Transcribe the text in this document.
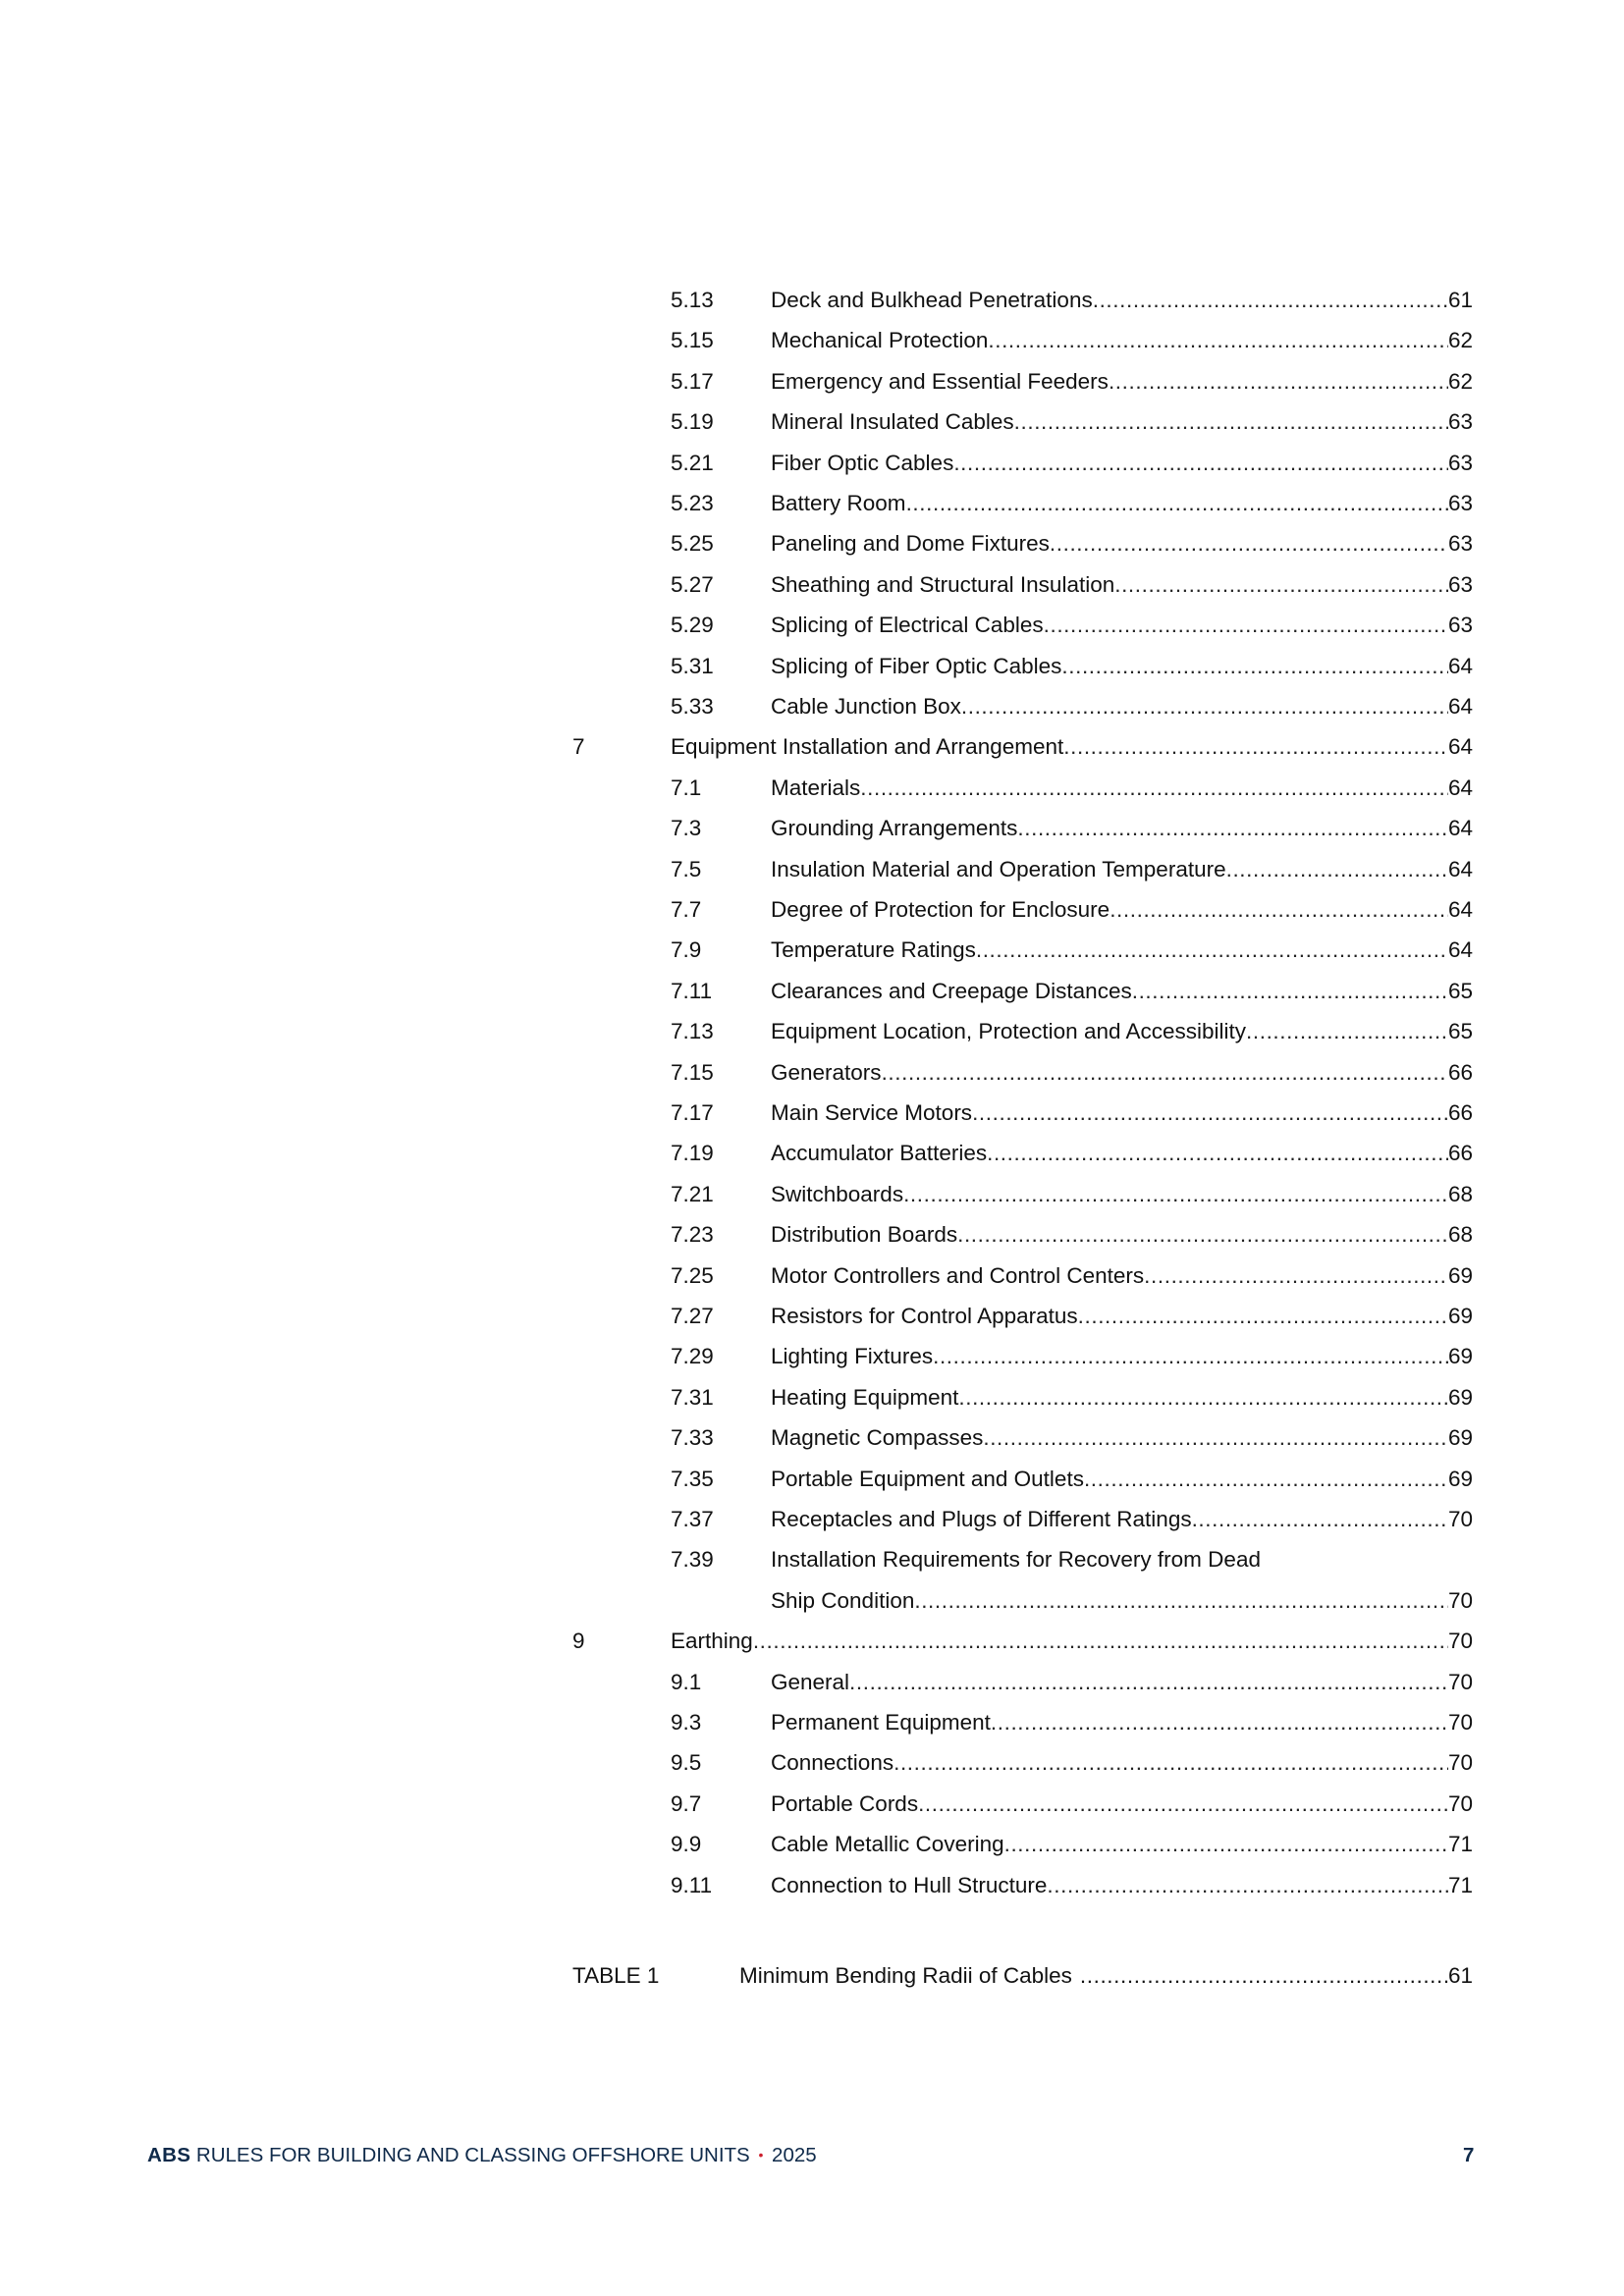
5.13	Deck and Bulkhead Penetrations .....	61
5.15	Mechanical Protection .....	62
5.17	Emergency and Essential Feeders .....	62
5.19	Mineral Insulated Cables .....	63
5.21	Fiber Optic Cables .....	63
5.23	Battery Room .....	63
5.25	Paneling and Dome Fixtures .....	63
5.27	Sheathing and Structural Insulation .....	63
5.29	Splicing of Electrical Cables .....	63
5.31	Splicing of Fiber Optic Cables .....	64
5.33	Cable Junction Box .....	64
7	Equipment Installation and Arrangement .....	64
7.1	Materials .....	64
7.3	Grounding Arrangements .....	64
7.5	Insulation Material and Operation Temperature .....	64
7.7	Degree of Protection for Enclosure .....	64
7.9	Temperature Ratings .....	64
7.11	Clearances and Creepage Distances .....	65
7.13	Equipment Location, Protection and Accessibility .....	65
7.15	Generators .....	66
7.17	Main Service Motors .....	66
7.19	Accumulator Batteries .....	66
7.21	Switchboards .....	68
7.23	Distribution Boards .....	68
7.25	Motor Controllers and Control Centers .....	69
7.27	Resistors for Control Apparatus .....	69
7.29	Lighting Fixtures .....	69
7.31	Heating Equipment .....	69
7.33	Magnetic Compasses .....	69
7.35	Portable Equipment and Outlets .....	69
7.37	Receptacles and Plugs of Different Ratings .....	70
7.39	Installation Requirements for Recovery from Dead
Ship Condition .....	70
9	Earthing .....	70
9.1	General .....	70
9.3	Permanent Equipment .....	70
9.5	Connections .....	70
9.7	Portable Cords .....	70
9.9	Cable Metallic Covering .....	71
9.11	Connection to Hull Structure .....	71
TABLE 1	Minimum Bending Radii of Cables .....	61
ABS RULES FOR BUILDING AND CLASSING OFFSHORE UNITS • 2025	7
